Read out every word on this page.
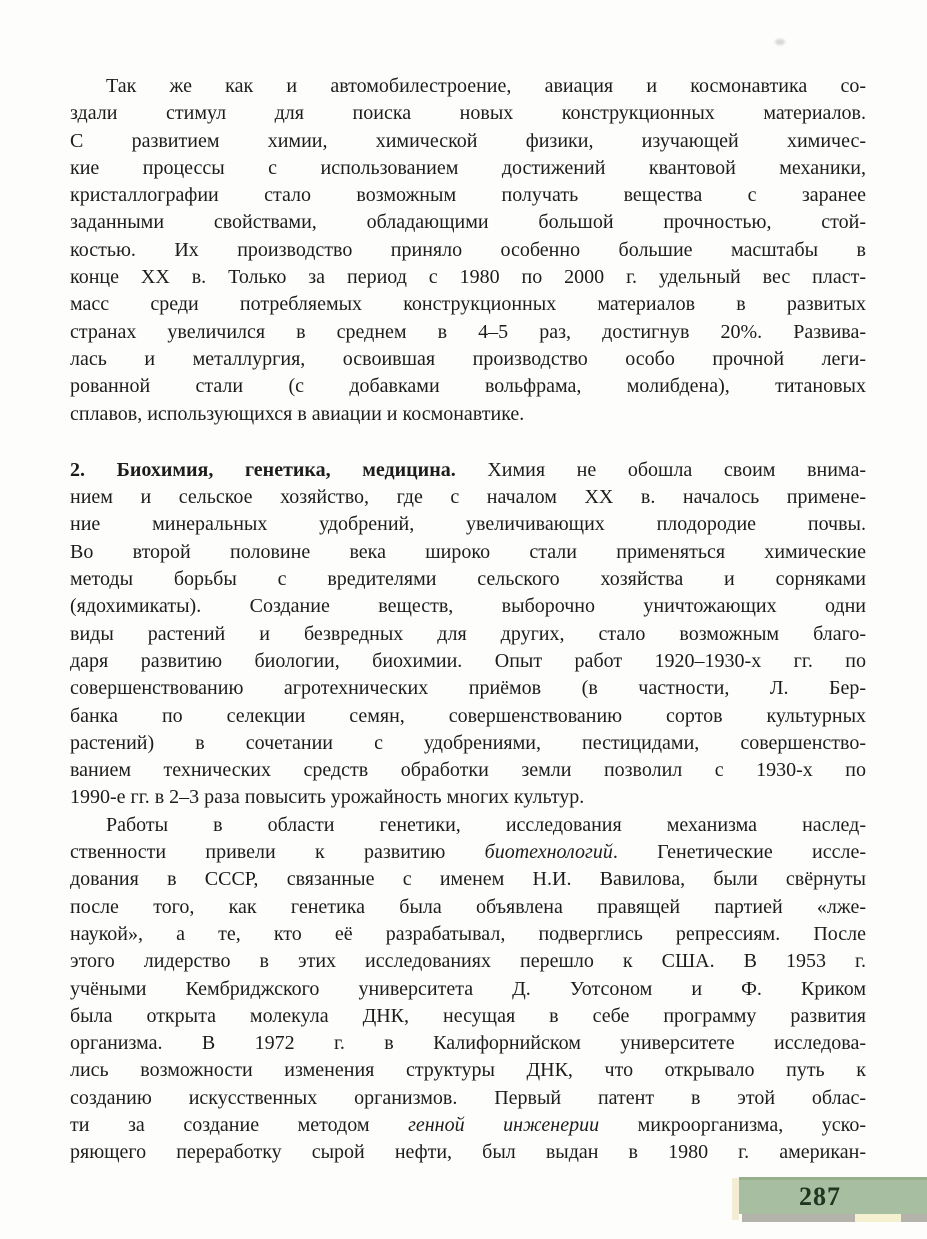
Так же как и автомобилестроение, авиация и космонавтика со-
здали стимул для поиска новых конструкционных материалов.
С развитием химии, химической физики, изучающей химичес-
кие процессы с использованием достижений квантовой механики,
кристаллографии стало возможным получать вещества с заранее
заданными свойствами, обладающими большой прочностью, стой-
костью. Их производство приняло особенно большие масштабы в
конце XX в. Только за период с 1980 по 2000 г. удельный вес пласт-
масс среди потребляемых конструкционных материалов в развитых
странах увеличился в среднем в 4–5 раз, достигнув 20%. Развива-
лась и металлургия, освоившая производство особо прочной леги-
рованной стали (с добавками вольфрама, молибдена), титановых
сплавов, использующихся в авиации и космонавтике.
2. Биохимия, генетика, медицина. Химия не обошла своим внима-
нием и сельское хозяйство, где с началом XX в. началось примене-
ние минеральных удобрений, увеличивающих плодородие почвы.
Во второй половине века широко стали применяться химические
методы борьбы с вредителями сельского хозяйства и сорняками
(ядохимикаты). Создание веществ, выборочно уничтожающих одни
виды растений и безвредных для других, стало возможным благо-
даря развитию биологии, биохимии. Опыт работ 1920–1930-х гг. по
совершенствованию агротехнических приёмов (в частности, Л. Бер-
банка по селекции семян, совершенствованию сортов культурных
растений) в сочетании с удобрениями, пестицидами, совершенство-
ванием технических средств обработки земли позволил с 1930-х по
1990-е гг. в 2–3 раза повысить урожайность многих культур.
Работы в области генетики, исследования механизма наслед-
ственности привели к развитию биотехнологий. Генетические иссле-
дования в СССР, связанные с именем Н.И. Вавилова, были свёрнуты
после того, как генетика была объявлена правящей партией «лже-
наукой», а те, кто её разрабатывал, подверглись репрессиям. После
этого лидерство в этих исследованиях перешло к США. В 1953 г.
учёными Кембриджского университета Д. Уотсоном и Ф. Криком
была открыта молекула ДНК, несущая в себе программу развития
организма. В 1972 г. в Калифорнийском университете исследова-
лись возможности изменения структуры ДНК, что открывало путь к
созданию искусственных организмов. Первый патент в этой облас-
ти за создание методом генной инженерии микроорганизма, уско-
ряющего переработку сырой нефти, был выдан в 1980 г. американ-
287
